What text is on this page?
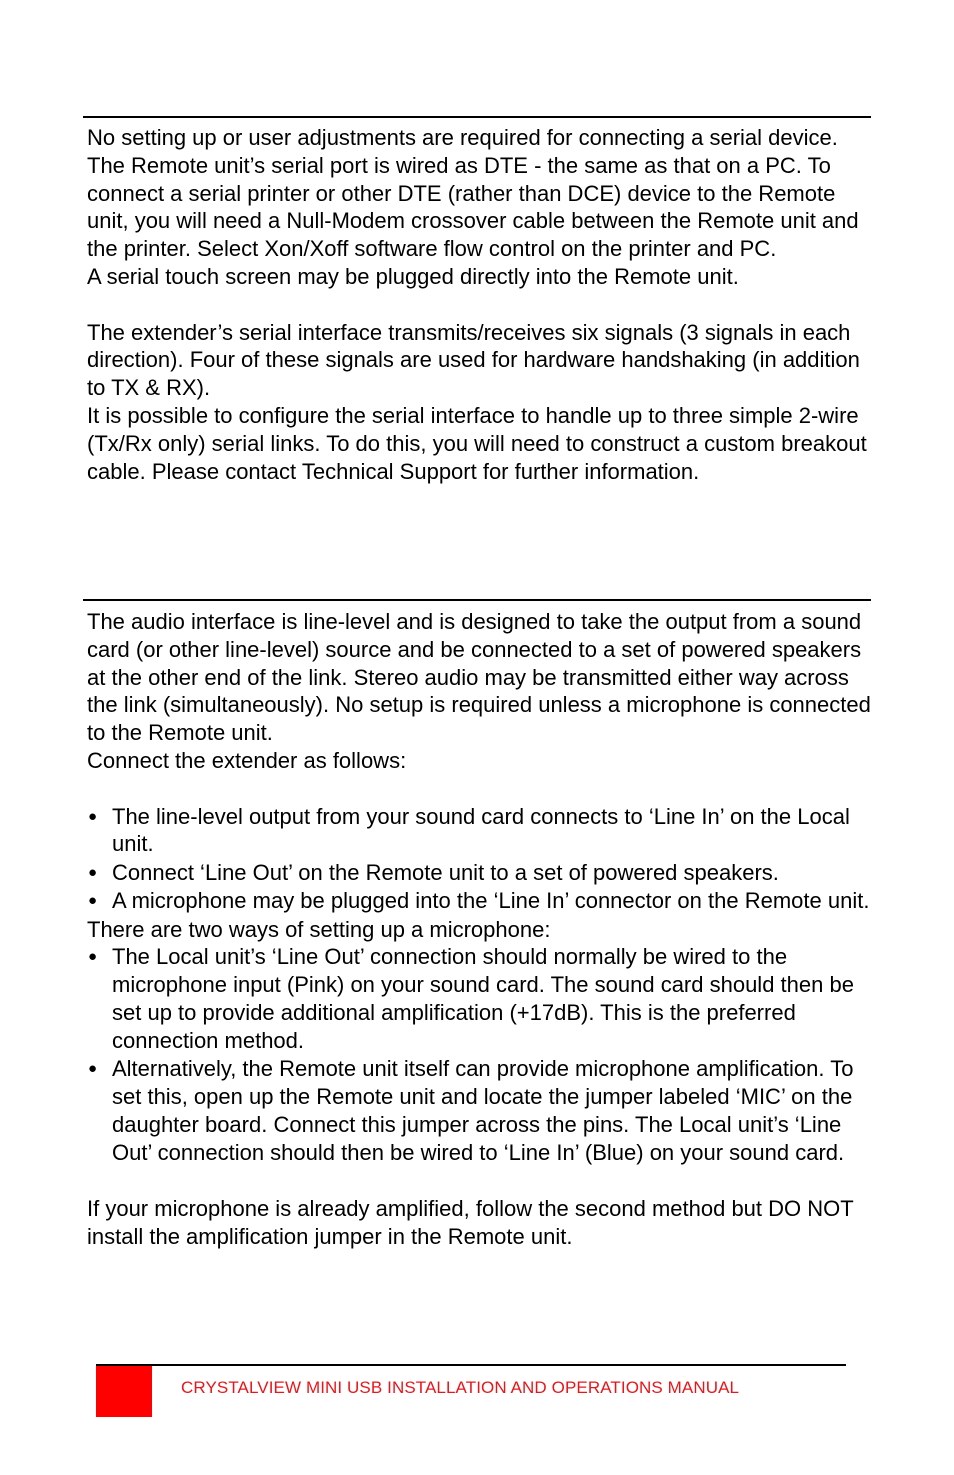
No setting up or user adjustments are required for connecting a serial device. The Remote unit’s serial port is wired as DTE - the same as that on a PC. To connect a serial printer or other DTE (rather than DCE) device to the Remote unit, you will need a Null-Modem crossover cable between the Remote unit and the printer. Select Xon/Xoff software flow control on the printer and PC.

A serial touch screen may be plugged directly into the Remote unit.

The extender’s serial interface transmits/receives six signals (3 signals in each direction). Four of these signals are used for hardware handshaking (in addition to TX & RX).

It is possible to configure the serial interface to handle up to three simple 2-wire (Tx/Rx only) serial links. To do this, you will need to construct a custom breakout cable. Please contact Technical Support for further information.

The audio interface is line-level and is designed to take the output from a sound card (or other line-level) source and be connected to a set of powered speakers at the other end of the link. Stereo audio may be transmitted either way across the link (simultaneously). No setup is required unless a microphone is connected to the Remote unit.

Connect the extender as follows:

● The line-level output from your sound card connects to ‘Line In’ on the Local unit.
● Connect ‘Line Out’ on the Remote unit to a set of powered speakers.
● A microphone may be plugged into the ‘Line In’ connector on the Remote unit.

There are two ways of setting up a microphone:

● The Local unit’s ‘Line Out’ connection should normally be wired to the microphone input (Pink) on your sound card. The sound card should then be set up to provide additional amplification (+17dB). This is the preferred connection method.
● Alternatively, the Remote unit itself can provide microphone amplification. To set this, open up the Remote unit and locate the jumper labeled ‘MIC’ on the daughter board. Connect this jumper across the pins. The Local unit’s ‘Line Out’ connection should then be wired to ‘Line In’ (Blue) on your sound card.

If your microphone is already amplified, follow the second method but DO NOT install the amplification jumper in the Remote unit.

CRYSTALVIEW MINI USB INSTALLATION AND OPERATIONS MANUAL
